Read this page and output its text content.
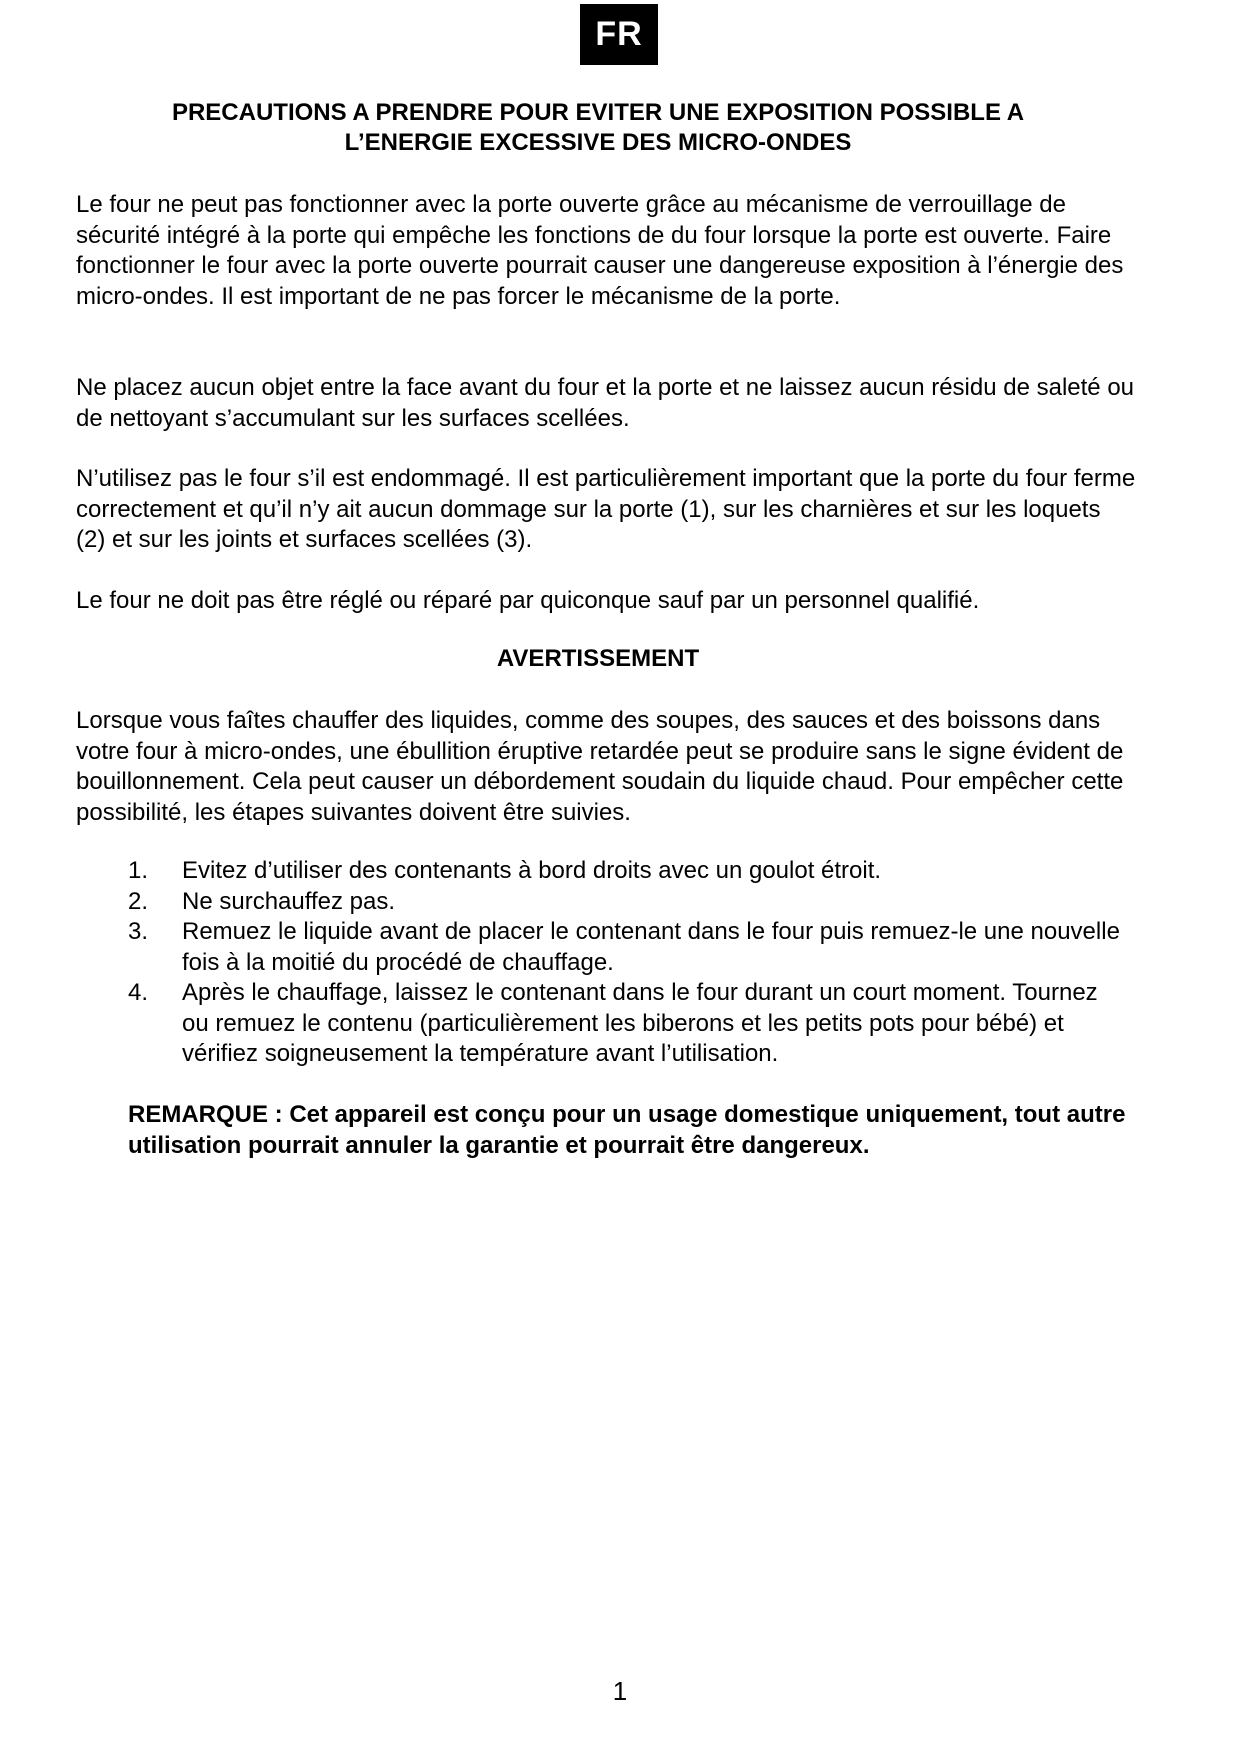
FR
PRECAUTIONS A PRENDRE POUR EVITER UNE EXPOSITION POSSIBLE A
L’ENERGIE EXCESSIVE DES MICRO-ONDES

Le four ne peut pas fonctionner avec la porte ouverte grâce au mécanisme de verrouillage de sécurité intégré à la porte qui empêche les fonctions de du four lorsque la porte est ouverte. Faire fonctionner le four avec la porte ouverte pourrait causer une dangereuse exposition à l’énergie des micro-ondes. Il est important de ne pas forcer le mécanisme de la porte.

Ne placez aucun objet entre la face avant du four et la porte et ne laissez aucun résidu de saleté ou de nettoyant s’accumulant sur les surfaces scellées.

N’utilisez pas le four s’il est endommagé. Il est particulièrement important que la porte du four ferme correctement et qu’il n’y ait aucun dommage sur la porte (1), sur les charnières et sur les loquets (2) et sur les joints et surfaces scellées (3).

Le four ne doit pas être réglé ou réparé par quiconque sauf par un personnel qualifié.

AVERTISSEMENT

Lorsque vous faîtes chauffer des liquides, comme des soupes, des sauces et des boissons dans votre four à micro-ondes, une ébullition éruptive retardée peut se produire sans le signe évident de bouillonnement. Cela peut causer un débordement soudain du liquide chaud. Pour empêcher cette possibilité, les étapes suivantes doivent être suivies.

1.	Evitez d’utiliser des contenants à bord droits avec un goulot étroit.
2.	Ne surchauffez pas.
3.	Remuez le liquide avant de placer le contenant dans le four puis remuez-le une nouvelle fois à la moitié du procédé de chauffage.
4.	Après le chauffage, laissez le contenant dans le four durant un court moment. Tournez ou remuez le contenu (particulièrement les biberons et les petits pots pour bébé) et vérifiez soigneusement la température avant l’utilisation.

REMARQUE : Cet appareil est conçu pour un usage domestique uniquement, tout autre utilisation pourrait annuler la garantie et pourrait être dangereux.

1
